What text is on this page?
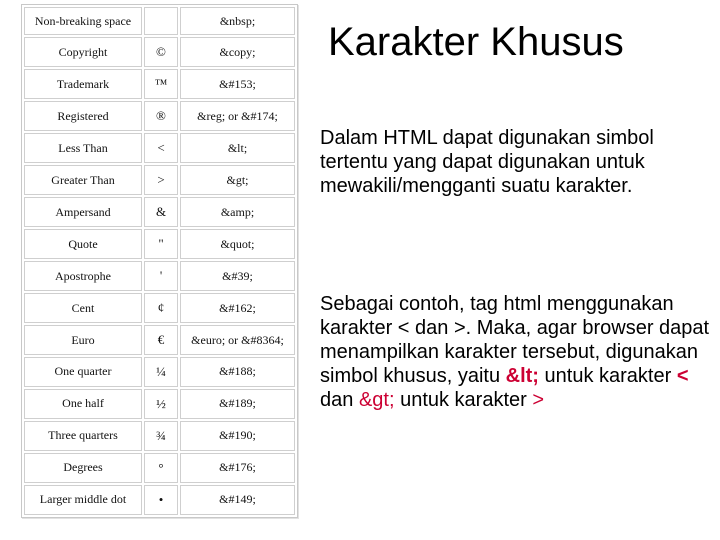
Non-breaking space		&nbsp;
Copyright	©	&copy;
Trademark	™	&#153;
Registered	®	&reg; or &#174;
Less Than	<	&lt;
Greater Than	>	&gt;
Ampersand	&	&amp;
Quote	"	&quot;
Apostrophe	'	&#39;
Cent	¢	&#162;
Euro	€	&euro; or &#8364;
One quarter	¼	&#188;
One half	½	&#189;
Three quarters	¾	&#190;
Degrees	°	&#176;
Larger middle dot	•	&#149;
Karakter Khusus

Dalam HTML dapat digunakan simbol tertentu yang dapat digunakan untuk mewakili/mengganti suatu karakter.

Sebagai contoh, tag html menggunakan karakter < dan >. Maka, agar browser dapat menampilkan karakter tersebut, digunakan simbol khusus, yaitu &lt; untuk karakter < dan &gt; untuk karakter >
